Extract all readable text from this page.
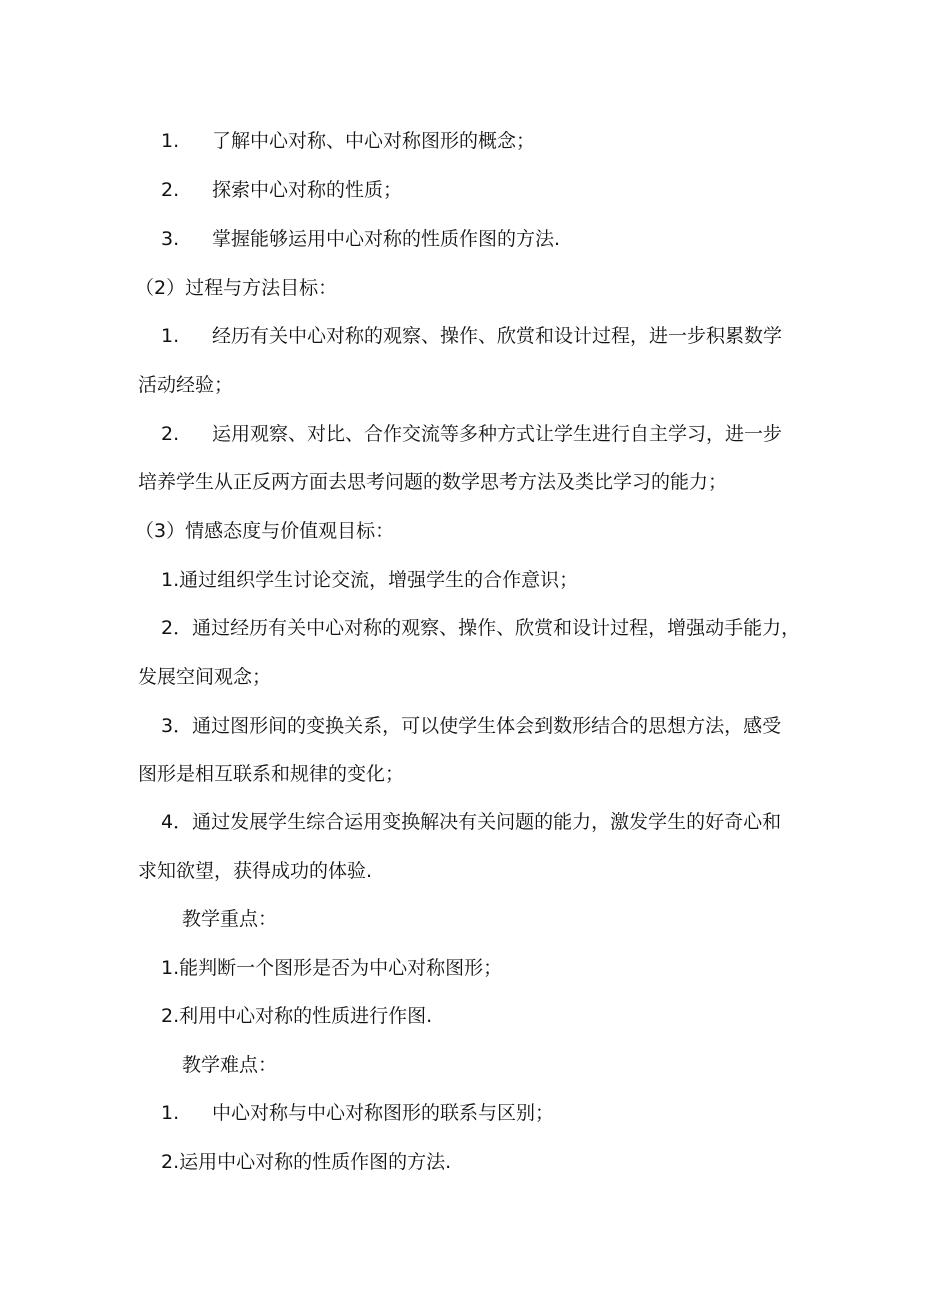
1. 了解中心对称、中心对称图形的概念；
2. 探索中心对称的性质；
3. 掌握能够运用中心对称的性质作图的方法.
（2）过程与方法目标：
1. 经历有关中心对称的观察、操作、欣赏和设计过程，进一步积累数学
活动经验；
2. 运用观察、对比、合作交流等多种方式让学生进行自主学习，进一步
培养学生从正反两方面去思考问题的数学思考方法及类比学习的能力；
（3）情感态度与价值观目标：
1.通过组织学生讨论交流，增强学生的合作意识；
2．通过经历有关中心对称的观察、操作、欣赏和设计过程，增强动手能力，
发展空间观念；
3．通过图形间的变换关系，可以使学生体会到数形结合的思想方法，感受
图形是相互联系和规律的变化；
4．通过发展学生综合运用变换解决有关问题的能力，激发学生的好奇心和
求知欲望，获得成功的体验.
教学重点：
1.能判断一个图形是否为中心对称图形；
2.利用中心对称的性质进行作图.
教学难点：
1. 中心对称与中心对称图形的联系与区别；
2.运用中心对称的性质作图的方法.
